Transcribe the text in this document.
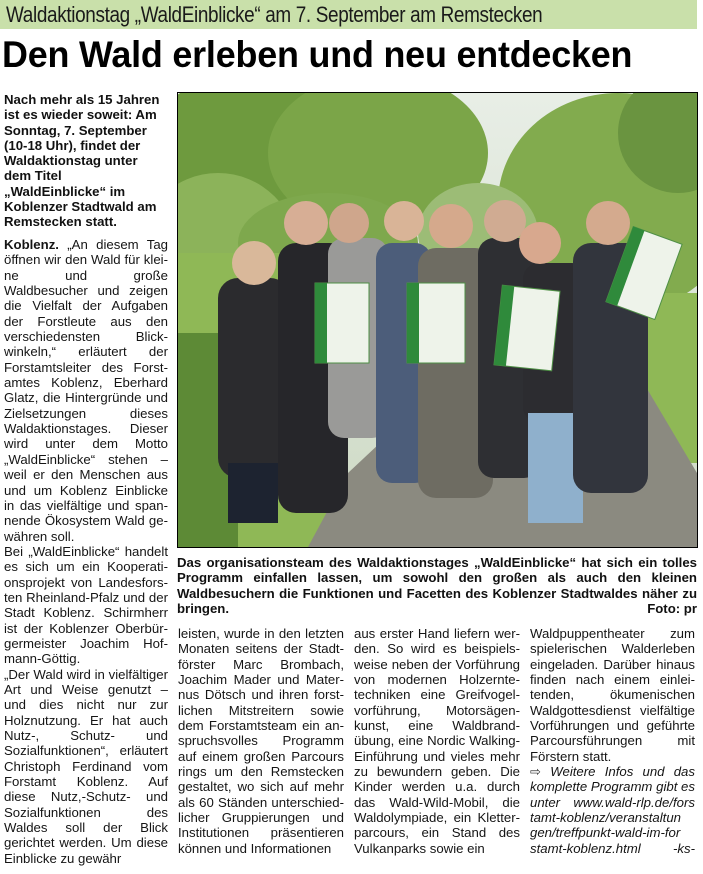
Waldaktionstag „WaldEinblicke“ am 7. September am Remstecken
Den Wald erleben und neu entdecken
Nach mehr als 15 Jahren ist es wieder soweit: Am Sonntag, 7. September (10-18 Uhr), findet der Waldaktionstag unter dem Titel „WaldEinblicke“ im Koblenzer Stadtwald am Remstecken statt.
Das organisationsteam des Waldaktionstages „WaldEinblicke“ hat sich ein tolles Programm einfallen lassen, um sowohl den großen als auch den kleinen Waldbesuchern die Funktionen und Facetten des Koblenzer Stadtwaldes näher zu bringen.	Foto: pr

Koblenz. „An diesem Tag öffnen wir den Wald für kleine und große Waldbesucher und zeigen die Vielfalt der Aufgaben der Forstleute aus den verschiedensten Blickwinkeln,“ erläutert der Forstamtsleiter des Forstamtes Koblenz, Eberhard Glatz, die Hintergründe und Zielsetzungen dieses Waldaktionstages. Dieser wird unter dem Motto „WaldEinblicke“ stehen – weil er den Menschen aus und um Koblenz Einblicke in das vielfältige und spannende Ökosystem Wald gewähren soll.

Bei „WaldEinblicke“ handelt es sich um ein Kooperationsprojekt von Landesforsten Rheinland-Pfalz und der Stadt Koblenz. Schirmherr ist der Koblenzer Oberbürgermeister Joachim Hofmann-Göttig.

„Der Wald wird in vielfältiger Art und Weise genutzt – und dies nicht nur zur Holznutzung. Er hat auch Nutz-, Schutz- und Sozialfunktionen“, erläutert Christoph Ferdinand vom Forstamt Koblenz. Auf diese Nutz,-Schutz- und Sozialfunktionen des Waldes soll der Blick gerichtet werden. Um diese Einblicke zu gewähr

leisten, wurde in den letzten Monaten seitens der Stadtförster Marc Brombach, Joachim Mader und Maternus Dötsch und ihren forstlichen Mitstreitern sowie dem Forstamtsteam ein anspruchsvolles Programm auf einem großen Parcours rings um den Remstecken gestaltet, wo sich auf mehr als 60 Ständen unterschiedlicher Gruppierungen und Institutionen präsentieren können und Informationen

aus erster Hand liefern werden. So wird es beispielsweise neben der Vorführung von modernen Holzerntetechniken eine Greifvogelvorführung, Motorsägenkunst, eine Waldbrandübung, eine Nordic Walking-Einführung und vieles mehr zu bewundern geben. Die Kinder werden u.a. durch das Wald-Wild-Mobil, die Waldolympiade, ein Kletterparcours, ein Stand des Vulkanparks sowie ein

Waldpuppentheater zum spielerischen Walderleben eingeladen. Darüber hinaus finden nach einem einleitenden, ökumenischen Waldgottesdienst vielfältige Vorführungen und geführte Parcoursführungen mit Förstern statt.

⇨ Weitere Infos und das komplette Programm gibt es unter www.wald-rlp.de/fors tamt-koblenz/veranstaltun gen/treffpunkt-wald-im-for stamt-koblenz.html -ks-
